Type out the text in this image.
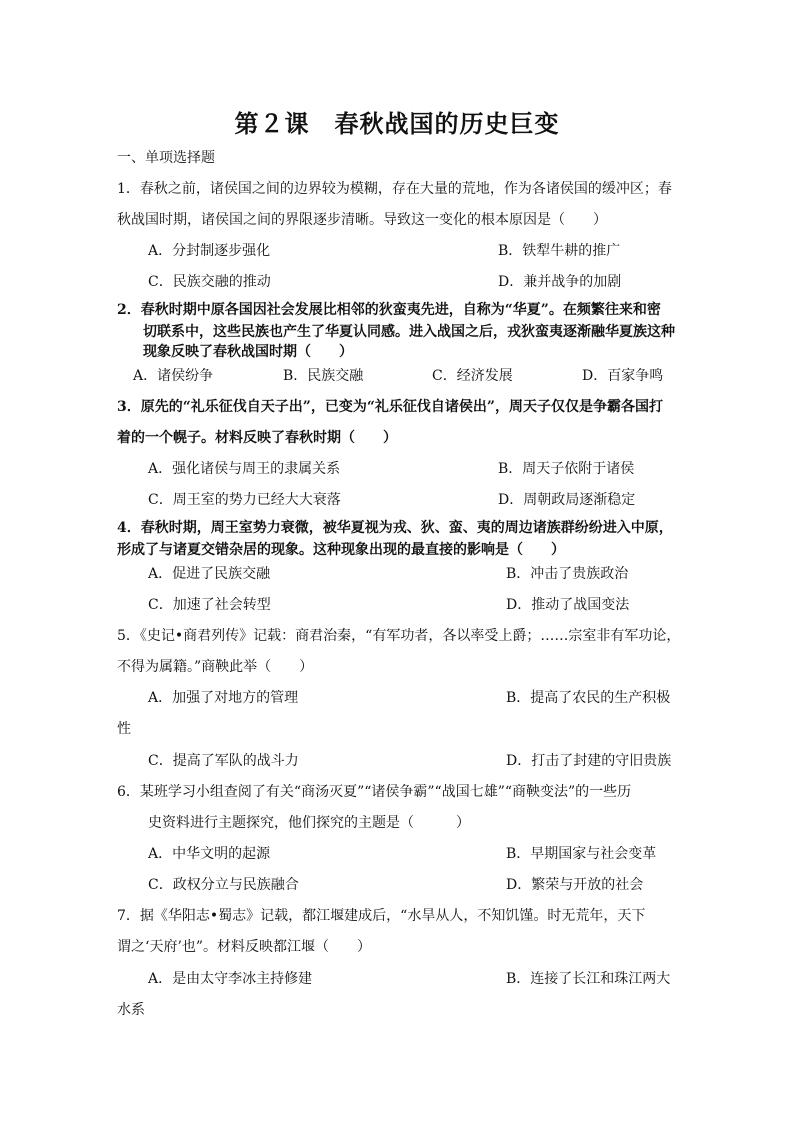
第２课　春秋战国的历史巨变
一、单项选择题
1．春秋之前，诸侯国之间的边界较为模糊，存在大量的荒地，作为各诸侯国的缓冲区；春
秋战国时期，诸侯国之间的界限逐步清晰。导致这一变化的根本原因是（　　）
A．分封制逐步强化	B．铁犁牛耕的推广
C．民族交融的推动	D．兼并战争的加剧
2．春秋时期中原各国因社会发展比相邻的狄蛮夷先进，自称为“华夏”。在频繁往来和密
切联系中，这些民族也产生了华夏认同感。进入战国之后，戎狄蛮夷逐渐融华夏族这种
现象反映了春秋战国时期（　　）
A．诸侯纷争	B．民族交融	C．经济发展	D．百家争鸣
3．原先的“礼乐征伐自天子出”，已变为“礼乐征伐自诸侯出”，周天子仅仅是争霸各国打
着的一个幌子。材料反映了春秋时期（　　）
A．强化诸侯与周王的隶属关系	B．周天子依附于诸侯
C．周王室的势力已经大大衰落	D．周朝政局逐渐稳定
4．春秋时期，周王室势力衰微，被华夏视为戎、狄、蛮、夷的周边诸族群纷纷进入中原，
形成了与诸夏交错杂居的现象。这种现象出现的最直接的影响是（　　）
A．促进了民族交融	B．冲击了贵族政治
C．加速了社会转型	D．推动了战国变法
5．《史记•商君列传》记载：商君治秦，“有军功者，各以率受上爵；……宗室非有军功论，
不得为属籍。”商鞅此举（　　）
A．加强了对地方的管理	B．提高了农民的生产积极
性
C．提高了军队的战斗力	D．打击了封建的守旧贵族
6．某班学习小组查阅了有关“商汤灭夏”“诸侯争霸”“战国七雄”“商鞅变法”的一些历
史资料进行主题探究，他们探究的主题是（　　　）
A．中华文明的起源	B．早期国家与社会变革
C．政权分立与民族融合	D．繁荣与开放的社会
7．据《华阳志•蜀志》记载，都江堰建成后，“水旱从人，不知饥馑。时无荒年，天下
谓之‘天府’也”。材料反映都江堰（　　）
A．是由太守李冰主持修建	B．连接了长江和珠江两大
水系
